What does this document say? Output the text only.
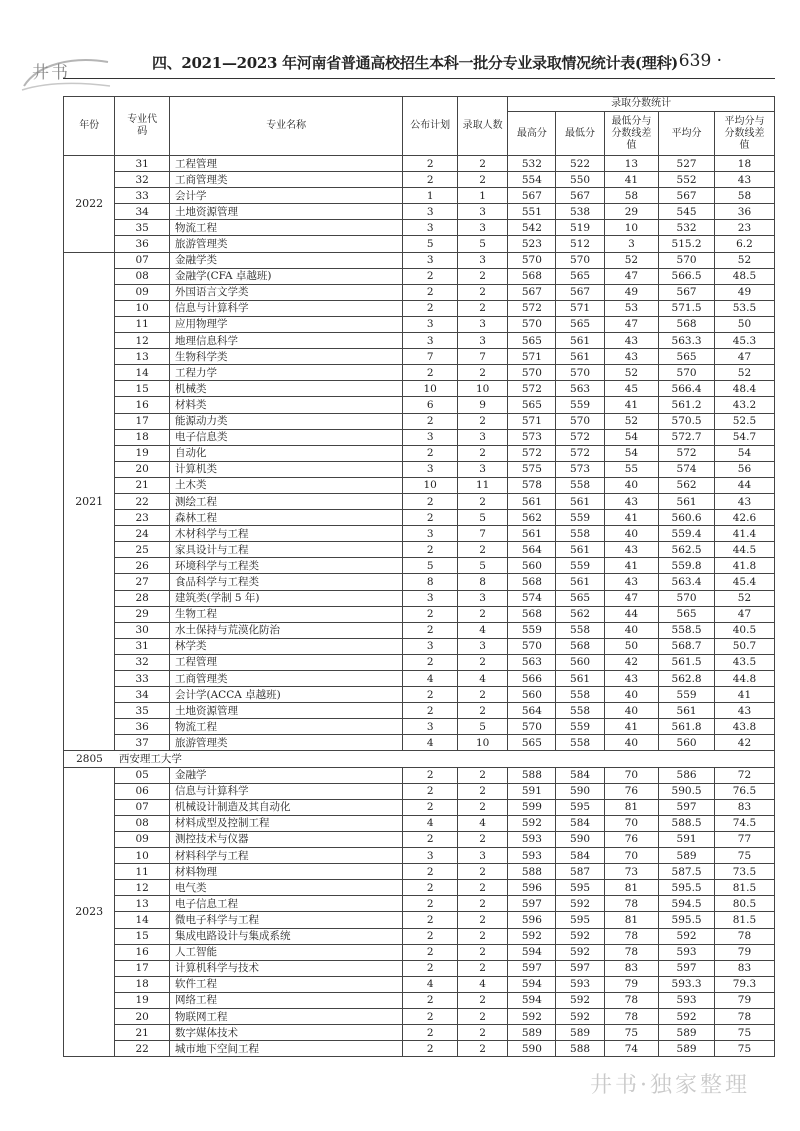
井书	四、2021—2023 年河南省普通高校招生本科一批分专业录取情况统计表(理科)
· 639 ·
年份	专业代码	专业名称	公布计划	录取人数	录取分数统计				
					最高分	最低分	最低分与分数线差值	平均分	平均分与分数线差值
2022	31	工程管理	2	2	532	522	13	527	18
	32	工商管理类	2	2	554	550	41	552	43
	33	会计学	1	1	567	567	58	567	58
	34	土地资源管理	3	3	551	538	29	545	36
	35	物流工程	3	3	542	519	10	532	23
	36	旅游管理类	5	5	523	512	3	515.2	6.2
2021	07	金融学类	3	3	570	570	52	570	52
	08	金融学(CFA 卓越班)	2	2	568	565	47	566.5	48.5
	09	外国语言文学类	2	2	567	567	49	567	49
	10	信息与计算科学	2	2	572	571	53	571.5	53.5
	11	应用物理学	3	3	570	565	47	568	50
	12	地理信息科学	3	3	565	561	43	563.3	45.3
	13	生物科学类	7	7	571	561	43	565	47
	14	工程力学	2	2	570	570	52	570	52
	15	机械类	10	10	572	563	45	566.4	48.4
	16	材料类	6	9	565	559	41	561.2	43.2
	17	能源动力类	2	2	571	570	52	570.5	52.5
	18	电子信息类	3	3	573	572	54	572.7	54.7
	19	自动化	2	2	572	572	54	572	54
	20	计算机类	3	3	575	573	55	574	56
	21	土木类	10	11	578	558	40	562	44
	22	测绘工程	2	2	561	561	43	561	43
	23	森林工程	2	5	562	559	41	560.6	42.6
	24	木材科学与工程	3	7	561	558	40	559.4	41.4
	25	家具设计与工程	2	2	564	561	43	562.5	44.5
	26	环境科学与工程类	5	5	560	559	41	559.8	41.8
	27	食品科学与工程类	8	8	568	561	43	563.4	45.4
	28	建筑类(学制 5 年)	3	3	574	565	47	570	52
	29	生物工程	2	2	568	562	44	565	47
	30	水土保持与荒漠化防治	2	4	559	558	40	558.5	40.5
	31	林学类	3	3	570	568	50	568.7	50.7
	32	工程管理	2	2	563	560	42	561.5	43.5
	33	工商管理类	4	4	566	561	43	562.8	44.8
	34	会计学(ACCA 卓越班)	2	2	560	558	40	559	41
	35	土地资源管理	2	2	564	558	40	561	43
	36	物流工程	3	5	570	559	41	561.8	43.8
	37	旅游管理类	4	10	565	558	40	560	42
2805	西安理工大学								
2023	05	金融学	2	2	588	584	70	586	72
	06	信息与计算科学	2	2	591	590	76	590.5	76.5
	07	机械设计制造及其自动化	2	2	599	595	81	597	83
	08	材料成型及控制工程	4	4	592	584	70	588.5	74.5
	09	测控技术与仪器	2	2	593	590	76	591	77
	10	材料科学与工程	3	3	593	584	70	589	75
	11	材料物理	2	2	588	587	73	587.5	73.5
	12	电气类	2	2	596	595	81	595.5	81.5
	13	电子信息工程	2	2	597	592	78	594.5	80.5
	14	微电子科学与工程	2	2	596	595	81	595.5	81.5
	15	集成电路设计与集成系统	2	2	592	592	78	592	78
	16	人工智能	2	2	594	592	78	593	79
	17	计算机科学与技术	2	2	597	597	83	597	83
	18	软件工程	4	4	594	593	79	593.3	79.3
	19	网络工程	2	2	594	592	78	593	79
	20	物联网工程	2	2	592	592	78	592	78
	21	数字媒体技术	2	2	589	589	75	589	75
	22	城市地下空间工程	2	2	590	588	74	589	75
井书·独家整理
